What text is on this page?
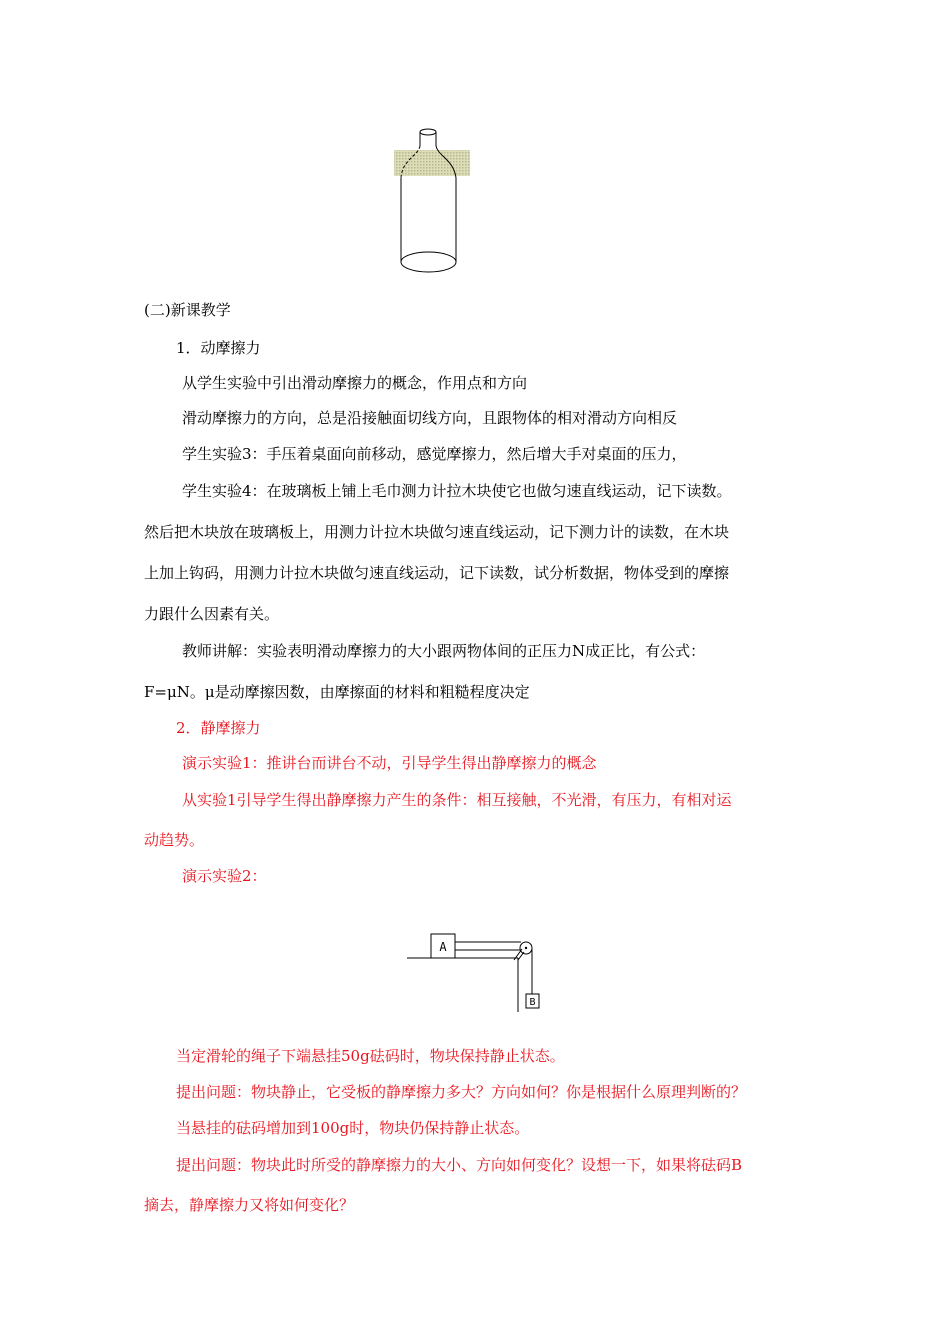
(二)新课教学
1．动摩擦力
从学生实验中引出滑动摩擦力的概念，作用点和方向
滑动摩擦力的方向，总是沿接触面切线方向，且跟物体的相对滑动方向相反
学生实验3：手压着桌面向前移动，感觉摩擦力，然后增大手对桌面的压力，
学生实验4：在玻璃板上铺上毛巾测力计拉木块使它也做匀速直线运动，记下读数。
然后把木块放在玻璃板上，用测力计拉木块做匀速直线运动，记下测力计的读数，在木块
上加上钩码，用测力计拉木块做匀速直线运动，记下读数，试分析数据，物体受到的摩擦
力跟什么因素有关。
教师讲解：实验表明滑动摩擦力的大小跟两物体间的正压力N成正比，有公式：
F=μN。μ是动摩擦因数，由摩擦面的材料和粗糙程度决定
2．静摩擦力
演示实验1：推讲台而讲台不动，引导学生得出静摩擦力的概念
从实验1引导学生得出静摩擦力产生的条件：相互接触，不光滑，有压力，有相对运
动趋势。
演示实验2：
A
B
当定滑轮的绳子下端悬挂50g砝码时，物块保持静止状态。
提出问题：物块静止，它受板的静摩擦力多大？方向如何？你是根据什么原理判断的？
当悬挂的砝码增加到100g时，物块仍保持静止状态。
提出问题：物块此时所受的静摩擦力的大小、方向如何变化？设想一下，如果将砝码B
摘去，静摩擦力又将如何变化？
